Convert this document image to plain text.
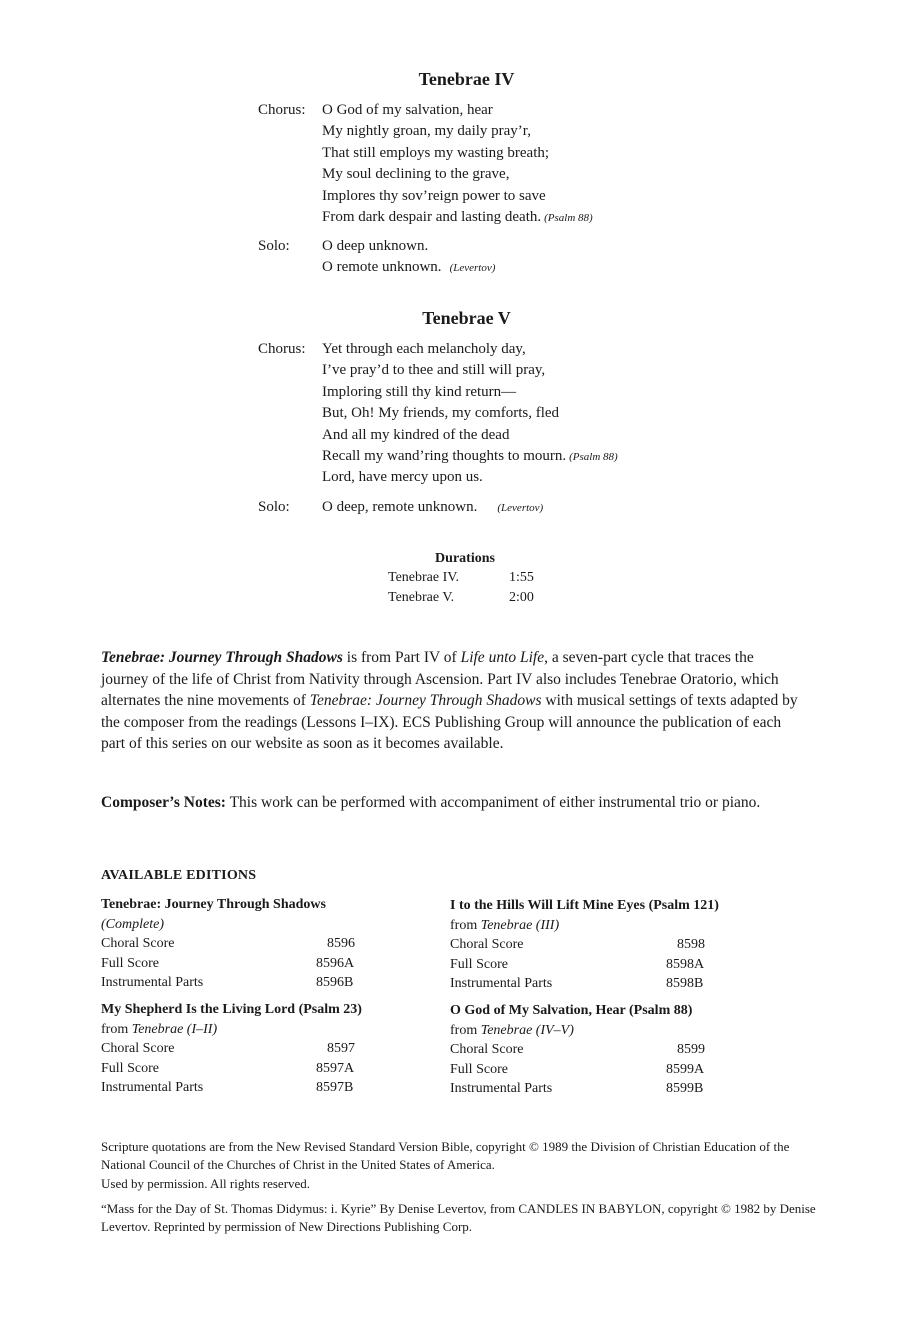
Tenebrae IV
Chorus: O God of my salvation, hear
My nightly groan, my daily pray’r,
That still employs my wasting breath;
My soul declining to the grave,
Implores thy sov’reign power to save
From dark despair and lasting death. (Psalm 88)
Solo: O deep unknown.
O remote unknown. (Levertov)
Tenebrae V
Chorus: Yet through each melancholy day,
I’ve pray’d to thee and still will pray,
Imploring still thy kind return—
But, Oh! My friends, my comforts, fled
And all my kindred of the dead
Recall my wand’ring thoughts to mourn. (Psalm 88)
Lord, have mercy upon us.
Solo: O deep, remote unknown. (Levertov)
Durations
Tenebrae IV.	1:55
Tenebrae V.	2:00
Tenebrae: Journey Through Shadows is from Part IV of Life unto Life, a seven-part cycle that traces the journey of the life of Christ from Nativity through Ascension. Part IV also includes Tenebrae Oratorio, which alternates the nine movements of Tenebrae: Journey Through Shadows with musical settings of texts adapted by the composer from the readings (Lessons I–IX). ECS Publishing Group will announce the publication of each part of this series on our website as soon as it becomes available.
Composer’s Notes: This work can be performed with accompaniment of either instrumental trio or piano.
AVAILABLE EDITIONS
Tenebrae: Journey Through Shadows
(Complete)
Choral Score	8596
Full Score	8596A
Instrumental Parts	8596B
My Shepherd Is the Living Lord (Psalm 23)
from Tenebrae (I–II)
Choral Score	8597
Full Score	8597A
Instrumental Parts	8597B
I to the Hills Will Lift Mine Eyes (Psalm 121)
from Tenebrae (III)
Choral Score	8598
Full Score	8598A
Instrumental Parts	8598B
O God of My Salvation, Hear (Psalm 88)
from Tenebrae (IV–V)
Choral Score	8599
Full Score	8599A
Instrumental Parts	8599B
Scripture quotations are from the New Revised Standard Version Bible, copyright © 1989 the Division of Christian Education of the National Council of the Churches of Christ in the United States of America.
Used by permission. All rights reserved.
“Mass for the Day of St. Thomas Didymus: i. Kyrie” By Denise Levertov, from CANDLES IN BABYLON, copyright © 1982 by Denise Levertov. Reprinted by permission of New Directions Publishing Corp.
